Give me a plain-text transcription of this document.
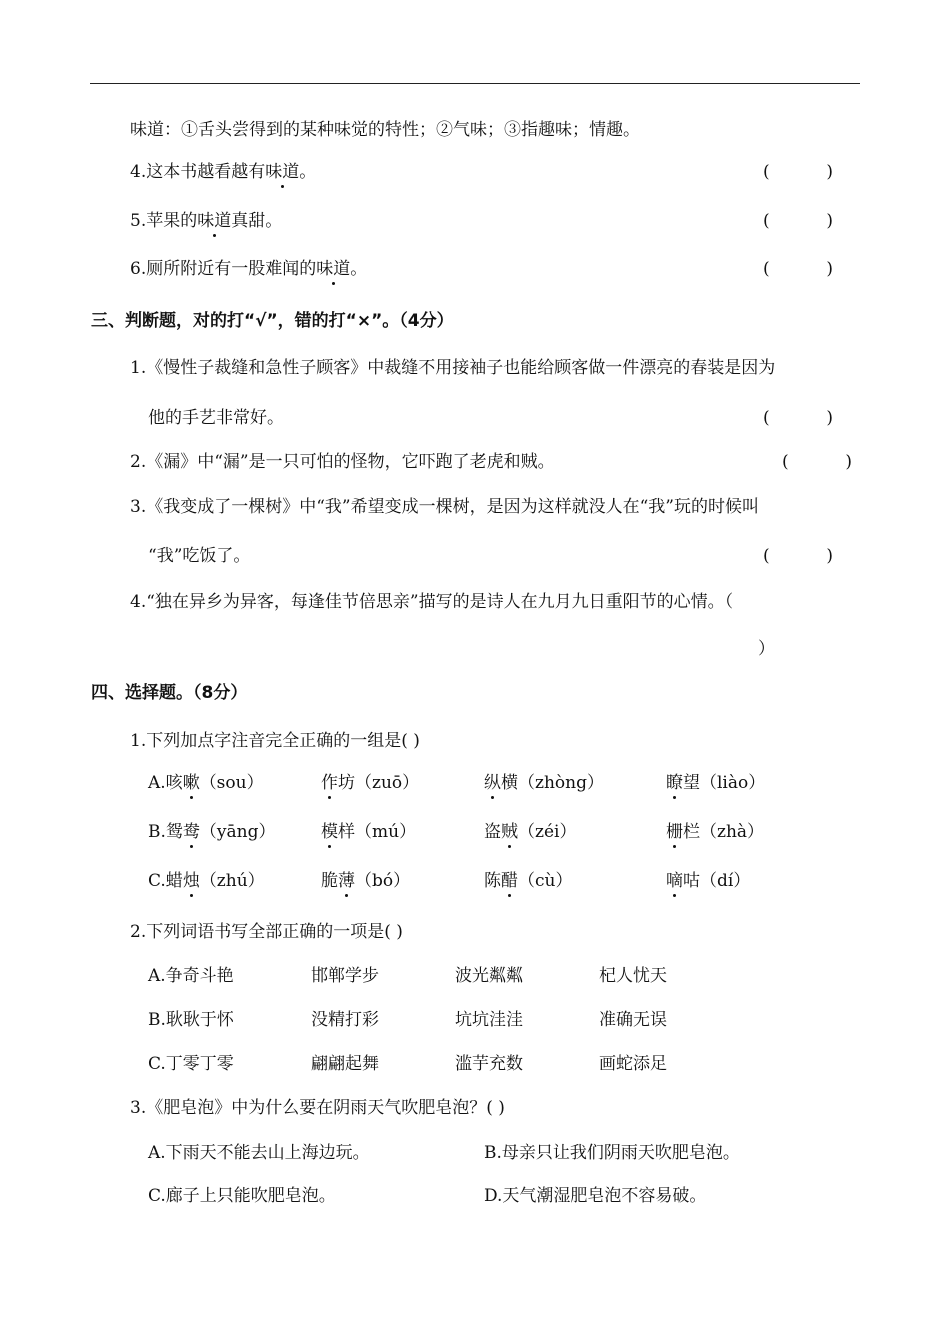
味道：①舌头尝得到的某种味觉的特性；②气味；③指趣味；情趣。
4.这本书越看越有味道。	(	)
5.苹果的味道真甜。	(	)
6.厕所附近有一股难闻的味道。	(	)
三、判断题，对的打“√”，错的打“×”。（4分）
1.《慢性子裁缝和急性子顾客》中裁缝不用接袖子也能给顾客做一件漂亮的春装是因为
他的手艺非常好。	(	)
2.《漏》中“漏”是一只可怕的怪物，它吓跑了老虎和贼。	(	)
3.《我变成了一棵树》中“我”希望变成一棵树，是因为这样就没人在“我”玩的时候叫
“我”吃饭了。	(	)
4.“独在异乡为异客，每逢佳节倍思亲”描写的是诗人在九月九日重阳节的心情。（
）
四、选择题。（8分）
1.下列加点字注音完全正确的一组是( )
A.咳嗽（sou）	作坊（zuō）	纵横（zhòng）	瞭望（liào）
B.鸳鸯（yāng）	模样（mú）	盗贼（zéi）	栅栏（zhà）
C.蜡烛（zhú）	脆薄（bó）	陈醋（cù）	嘀咕（dí）
2.下列词语书写全部正确的一项是( )
A.争奇斗艳	邯郸学步	波光粼粼	杞人忧天
B.耿耿于怀	没精打彩	坑坑洼洼	准确无误
C.丁零丁零	翩翩起舞	滥芋充数	画蛇添足
3.《肥皂泡》中为什么要在阴雨天气吹肥皂泡？( )
A.下雨天不能去山上海边玩。	B.母亲只让我们阴雨天吹肥皂泡。
C.廊子上只能吹肥皂泡。	D.天气潮湿肥皂泡不容易破。
